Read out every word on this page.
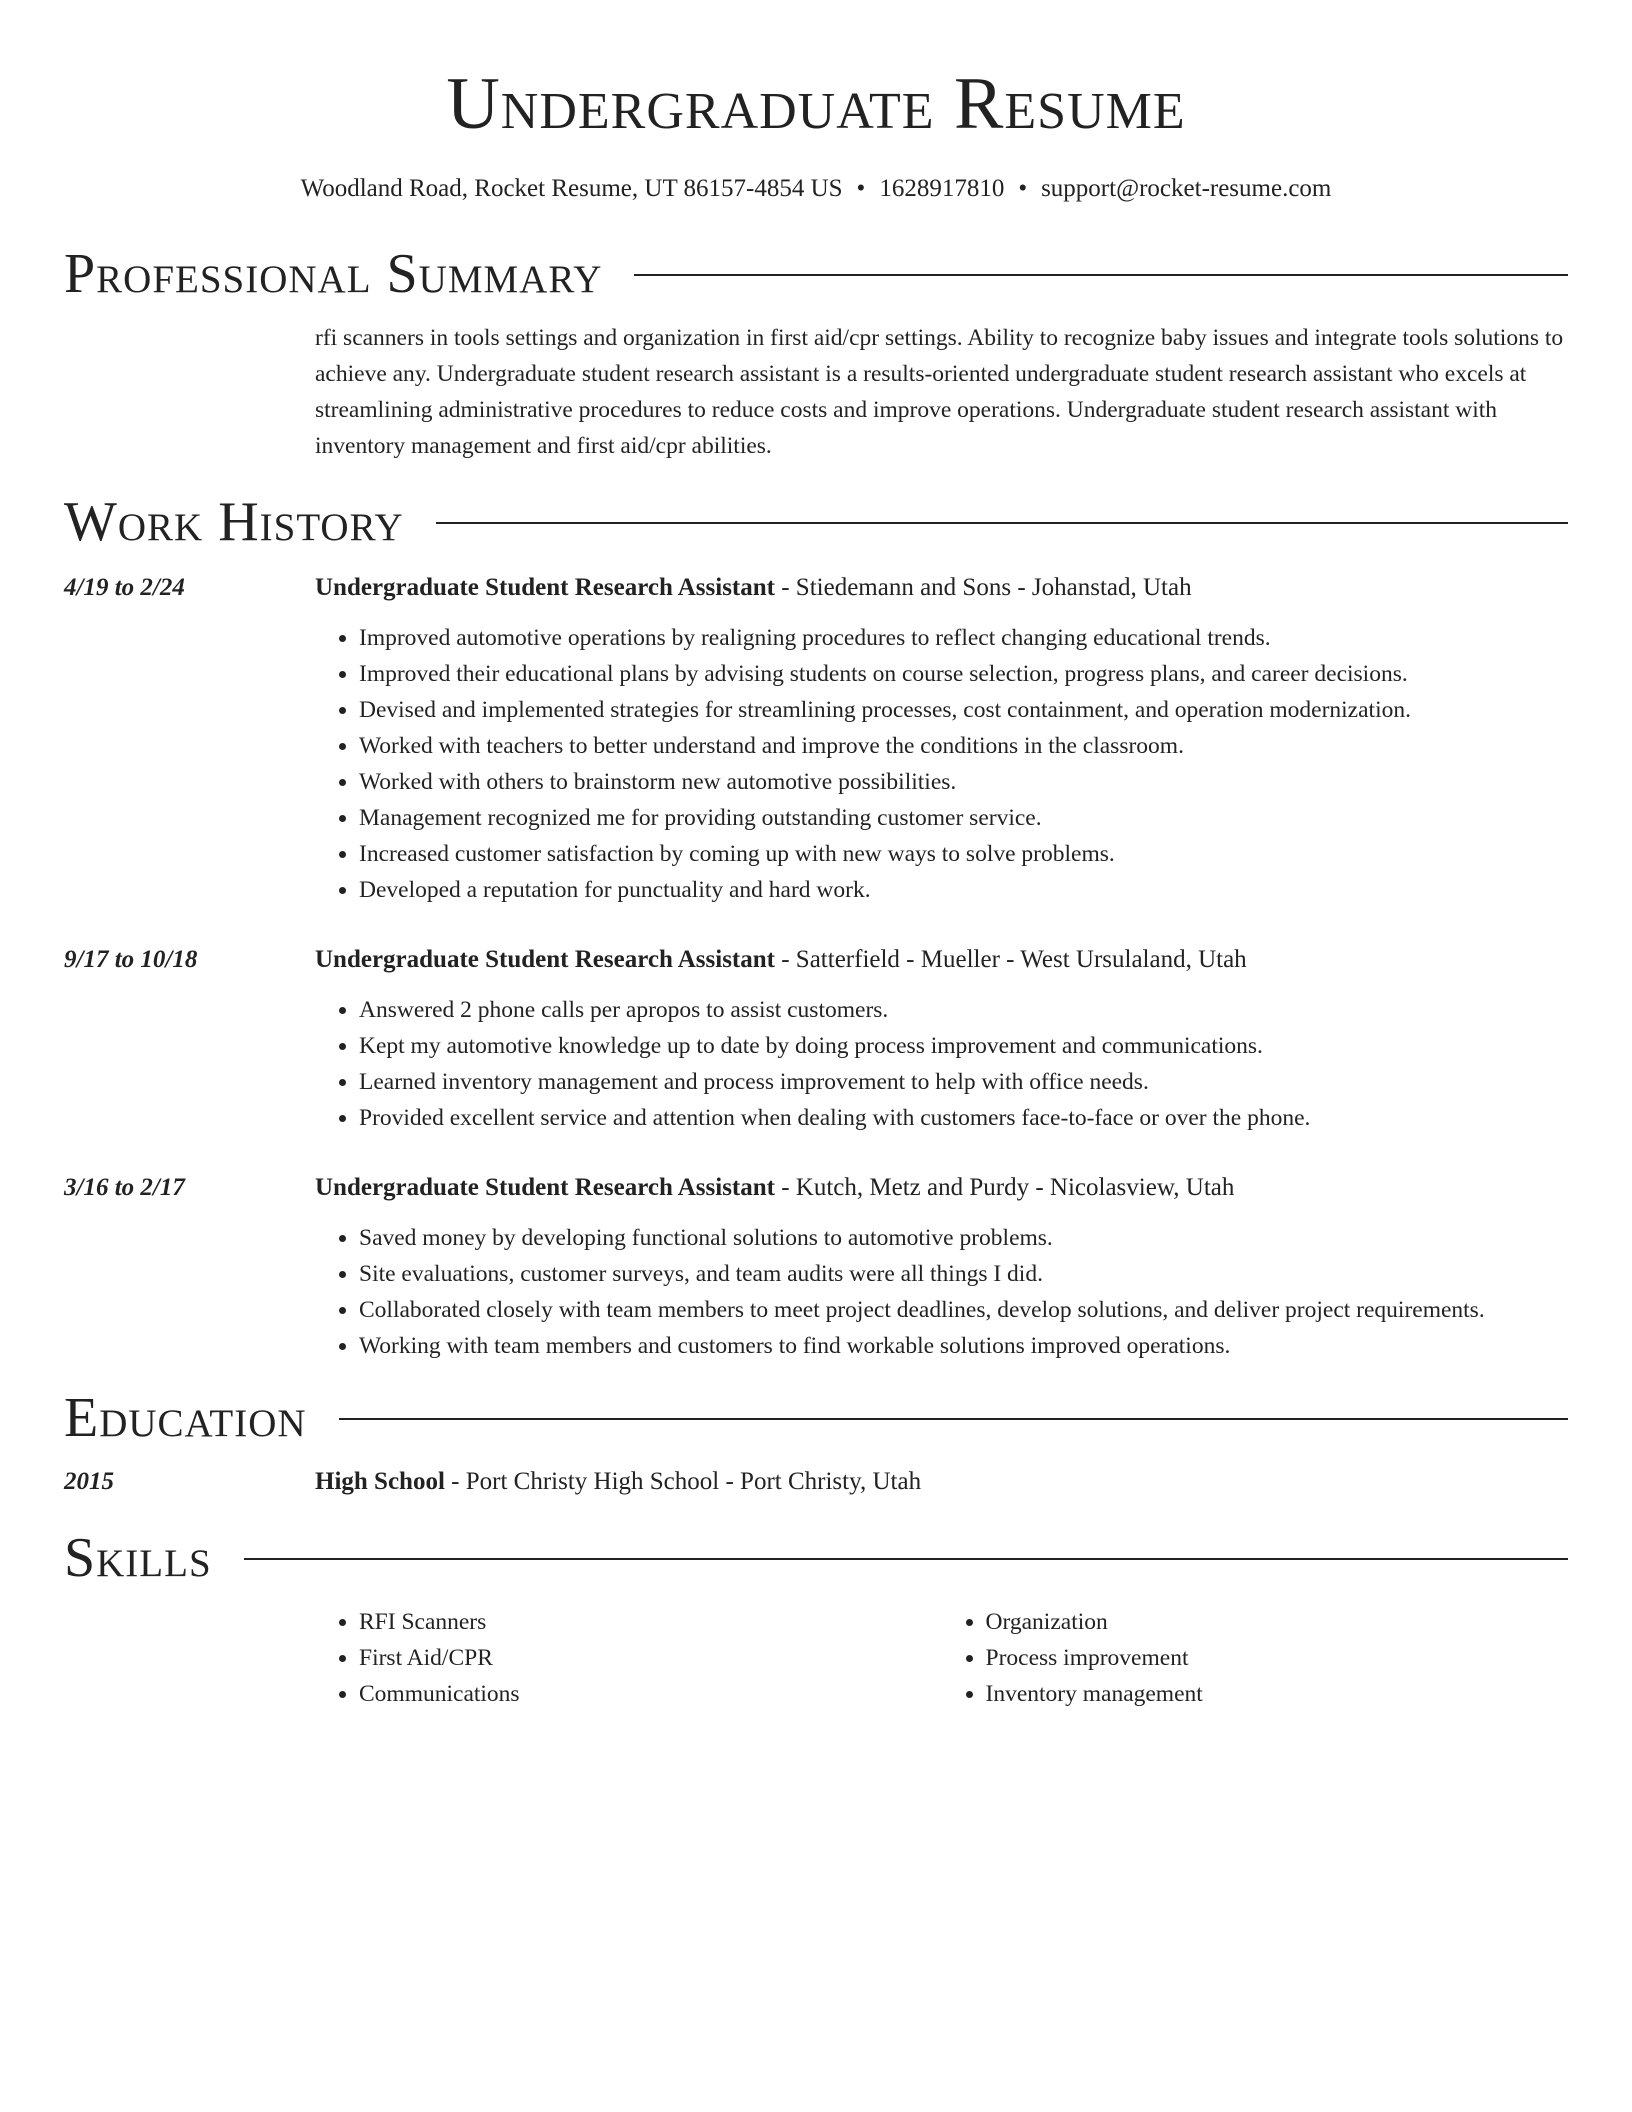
Undergraduate Resume
Woodland Road, Rocket Resume, UT 86157-4854 US • 1628917810 • support@rocket-resume.com
Professional Summary
rfi scanners in tools settings and organization in first aid/cpr settings. Ability to recognize baby issues and integrate tools solutions to achieve any. Undergraduate student research assistant is a results-oriented undergraduate student research assistant who excels at streamlining administrative procedures to reduce costs and improve operations. Undergraduate student research assistant with inventory management and first aid/cpr abilities.
Work History
4/19 to 2/24	Undergraduate Student Research Assistant - Stiedemann and Sons - Johanstad, Utah
• Improved automotive operations by realigning procedures to reflect changing educational trends.
• Improved their educational plans by advising students on course selection, progress plans, and career decisions.
• Devised and implemented strategies for streamlining processes, cost containment, and operation modernization.
• Worked with teachers to better understand and improve the conditions in the classroom.
• Worked with others to brainstorm new automotive possibilities.
• Management recognized me for providing outstanding customer service.
• Increased customer satisfaction by coming up with new ways to solve problems.
• Developed a reputation for punctuality and hard work.
9/17 to 10/18	Undergraduate Student Research Assistant - Satterfield - Mueller - West Ursulaland, Utah
• Answered 2 phone calls per apropos to assist customers.
• Kept my automotive knowledge up to date by doing process improvement and communications.
• Learned inventory management and process improvement to help with office needs.
• Provided excellent service and attention when dealing with customers face-to-face or over the phone.
3/16 to 2/17	Undergraduate Student Research Assistant - Kutch, Metz and Purdy - Nicolasview, Utah
• Saved money by developing functional solutions to automotive problems.
• Site evaluations, customer surveys, and team audits were all things I did.
• Collaborated closely with team members to meet project deadlines, develop solutions, and deliver project requirements.
• Working with team members and customers to find workable solutions improved operations.
Education
2015	High School - Port Christy High School - Port Christy, Utah
Skills
• RFI Scanners
• First Aid/CPR
• Communications
• Organization
• Process improvement
• Inventory management
